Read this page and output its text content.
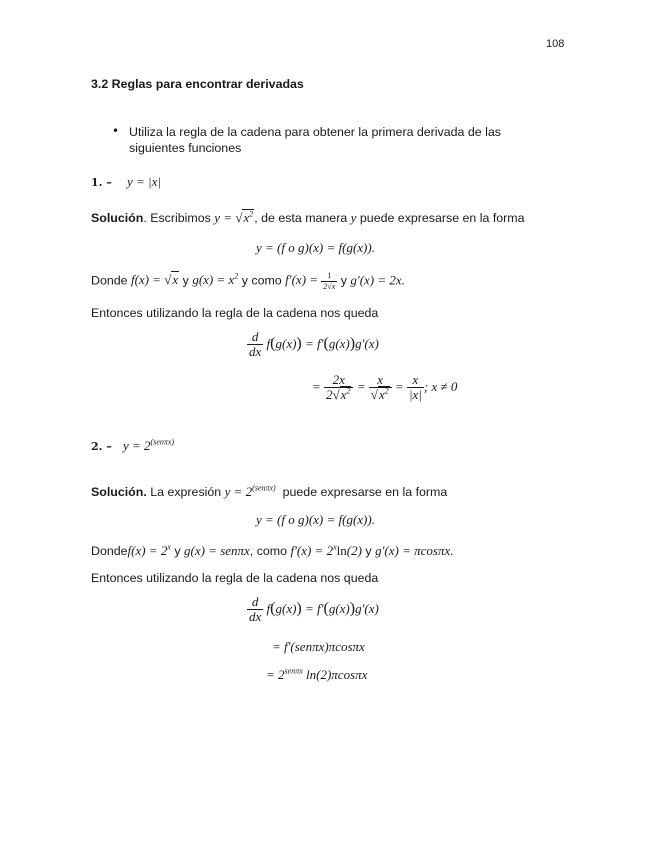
108
3.2 Reglas para encontrar derivadas
• Utiliza la regla de la cadena para obtener la primera derivada de las
siguientes funciones
1. – y = |x|
Solución. Escribimos $y = √x^2$, de esta manera y puede expresarse en la forma
y = (f o g)(x) = f(g(x)).
Donde f(x) = √x y $g(x) = x^2$ y como $f'(x) = \frac{1}{2√x}$ y g′(x) = 2x.
Entonces utilizando la regla de la cadena nos queda
$\frac{d}{dx} f(g(x)) = f'(g(x))g'(x)$
= $\frac{2x}{2√x^2} = \frac{x}{√x^2} = \frac{x}{|x|}$ ; x ≠ 0
2. – $y = 2^{(sen\pi x)}$
Solución. La expresión $y = 2^{(sen\pi x)}$ puede expresarse en la forma
y = (f o g)(x) = f(g(x)).
Dondef(x) = $2^x$ y g(x) = senπx, como $f'(x) = 2^x\ln(2)$ y g′(x) = πcosπx.
Entonces utilizando la regla de la cadena nos queda
$\frac{d}{dx} f(g(x)) = f'(g(x))g'(x)$
= f'(senπx)πcosπx
= $2^{sen\pi x}$ ln(2)πcosπx
